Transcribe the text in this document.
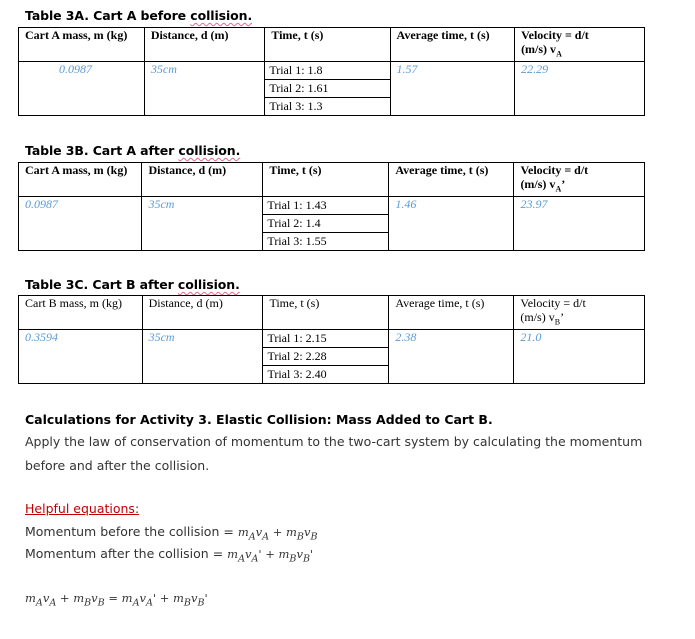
Table 3A. Cart A before collision.
Cart A mass, m (kg)	Distance, d (m)	Time, t (s)	Average time, t (s)	Velocity = d/t
(m/s) $v_A$
0.0987	35cm	Trial 1: 1.8
Trial 2: 1.61
Trial 3: 1.3	1.57	22.29
Table 3B. Cart A after collision.
Cart A mass, m (kg)	Distance, d (m)	Time, t (s)	Average time, t (s)	Velocity = d/t
(m/s) $v_A$’
0.0987	35cm	Trial 1: 1.43
Trial 2: 1.4
Trial 3: 1.55	1.46	23.97
Table 3C. Cart B after collision.
Cart B mass, m (kg)	Distance, d (m)	Time, t (s)	Average time, t (s)	Velocity = d/t
(m/s) $v_B$’
0.3594	35cm	Trial 1: 2.15
Trial 2: 2.28
Trial 3: 2.40	2.38	21.0
Calculations for Activity 3. Elastic Collision: Mass Added to Cart B.
Apply the law of conservation of momentum to the two-cart system by calculating the momentum before and after the collision.
Helpful equations:
Momentum before the collision = $m_Av_A + m_Bv_B$
Momentum after the collision = $m_Av_A' + m_Bv_B'$
$m_Av_A + m_Bv_B = m_Av_A' + m_Bv_B'$
